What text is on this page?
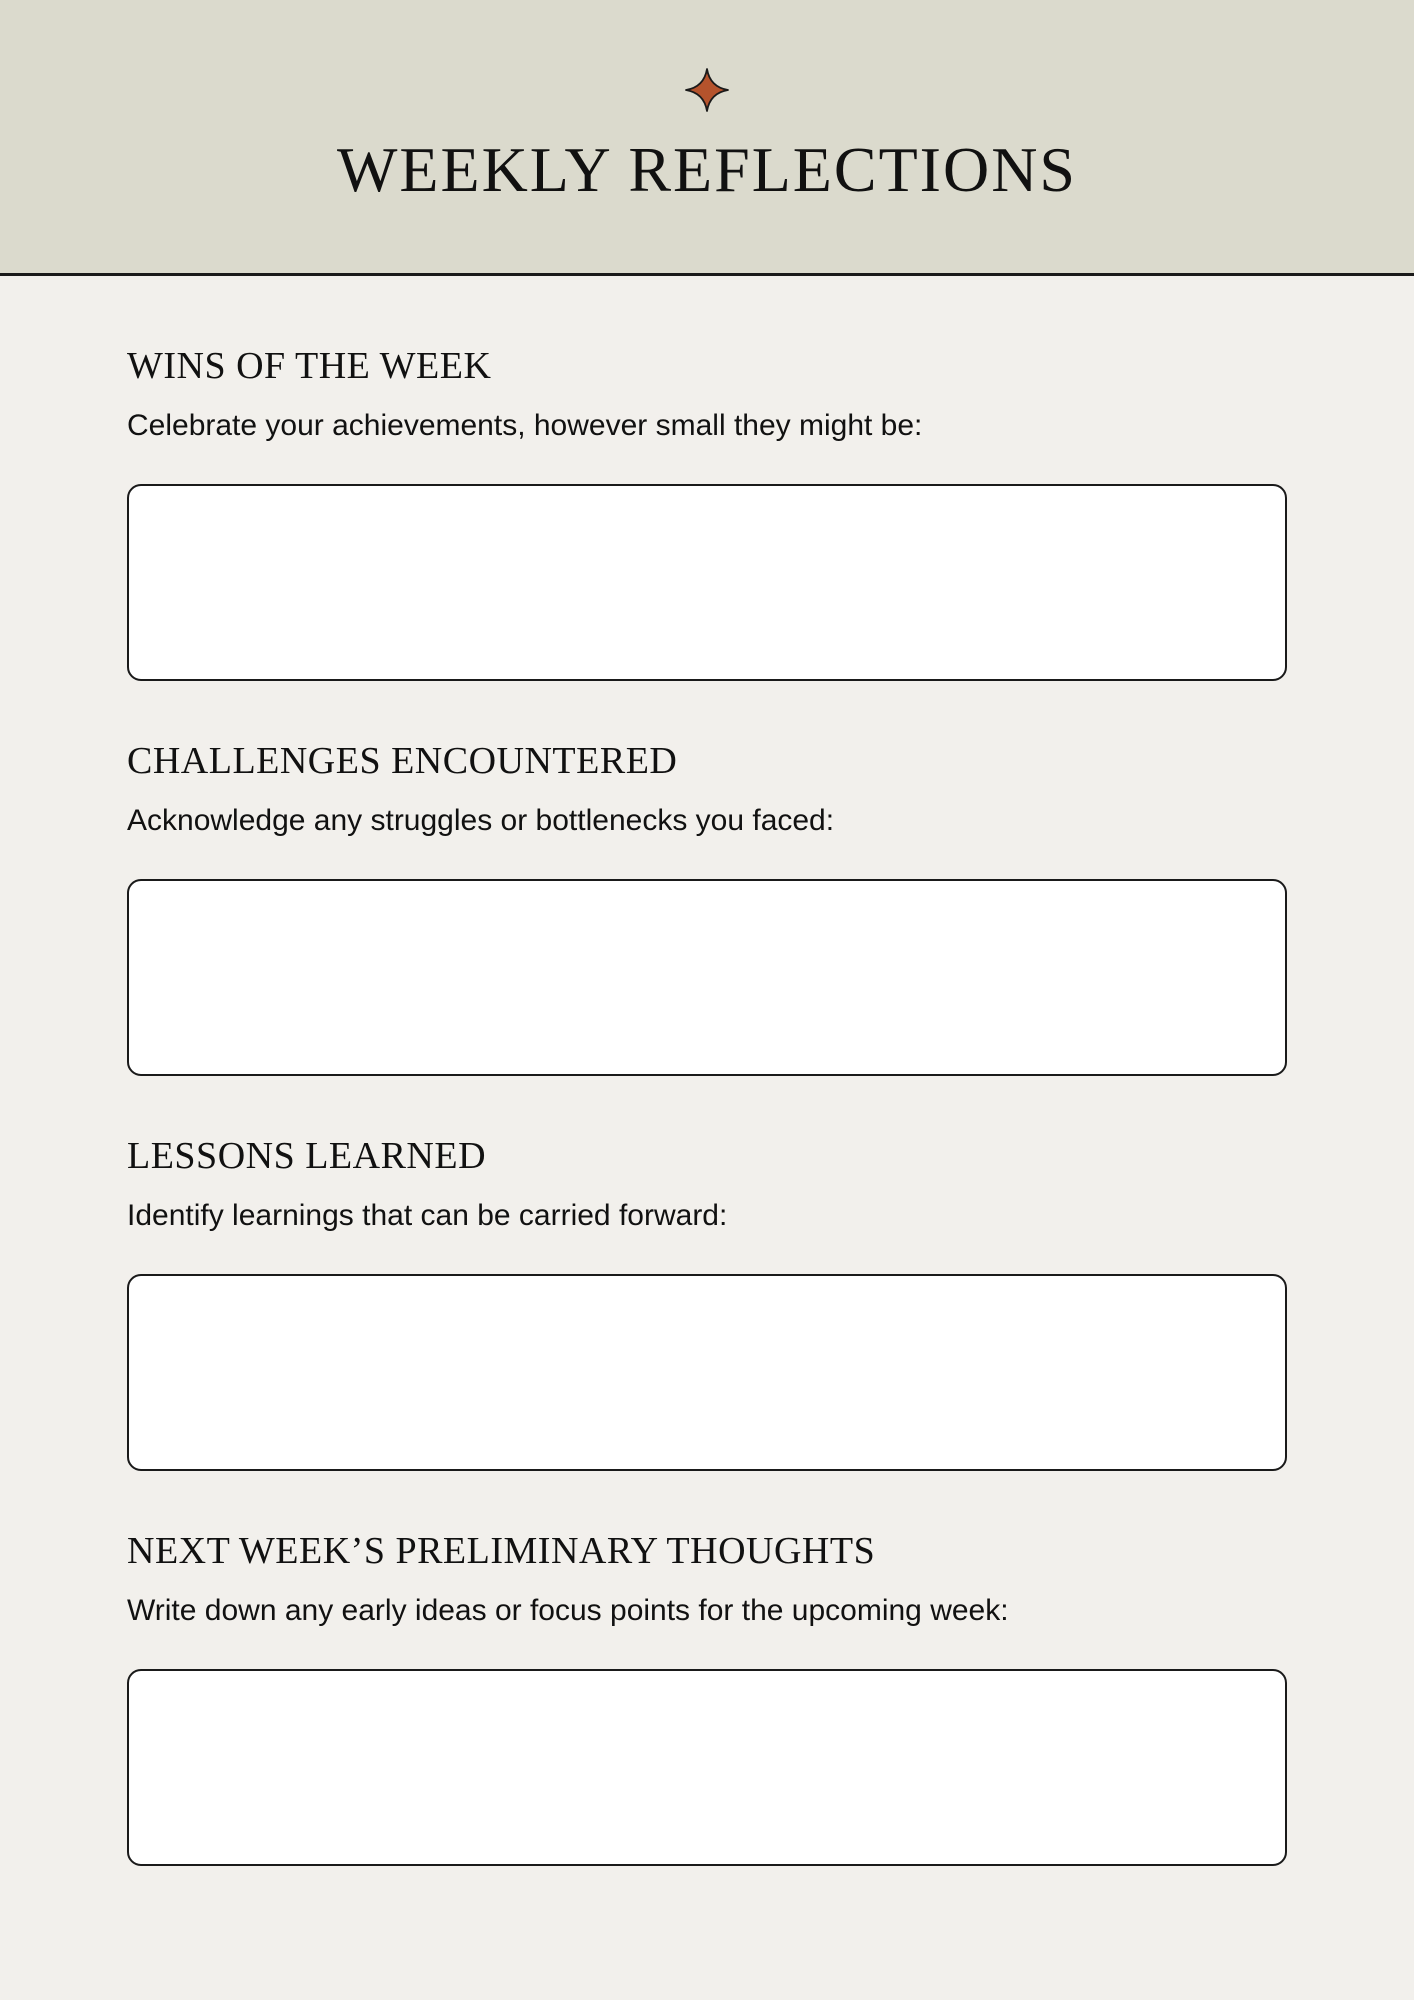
WEEKLY REFLECTIONS
WINS OF THE WEEK

Celebrate your achievements, however small they might be:

CHALLENGES ENCOUNTERED

Acknowledge any struggles or bottlenecks you faced:

LESSONS LEARNED

Identify learnings that can be carried forward:

NEXT WEEK’S PRELIMINARY THOUGHTS

Write down any early ideas or focus points for the upcoming week:
